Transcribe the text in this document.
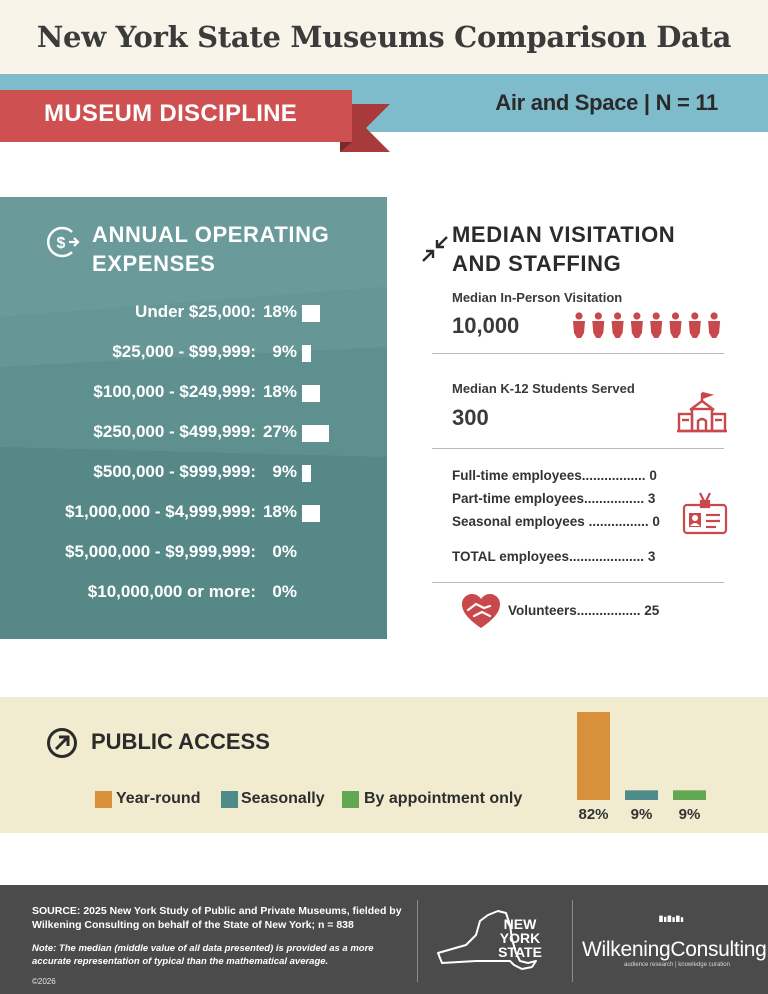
New York State Museums Comparison Data
Air and Space | N = 11
MUSEUM DISCIPLINE
$ ANNUAL OPERATING EXPENSES
Under $25,000: 18%
$25,000 - $99,999: 9%
$100,000 - $249,999: 18%
$250,000 - $499,999: 27%
$500,000 - $999,999: 9%
$1,000,000 - $4,999,999: 18%
$5,000,000 - $9,999,999: 0%
$10,000,000 or more: 0%
MEDIAN VISITATION AND STAFFING
Median In-Person Visitation
10,000
Median K-12 Students Served
300
Full-time employees................. 0
Part-time employees................ 3
Seasonal employees ................ 0
TOTAL employees.................... 3
Volunteers................. 25
PUBLIC ACCESS
Year-round	Seasonally By appointment only
82% 9% 9%
SOURCE: 2025 New York Study of Public and Private Museums, fielded by Wilkening Consulting on behalf of the State of New York; n = 838
Note: The median (middle value of all data presented) is provided as a more accurate representation of typical than the mathematical average.
©2026
NEW
YORK
STATE WilkeningConsulting
audience research | knowledge curation
